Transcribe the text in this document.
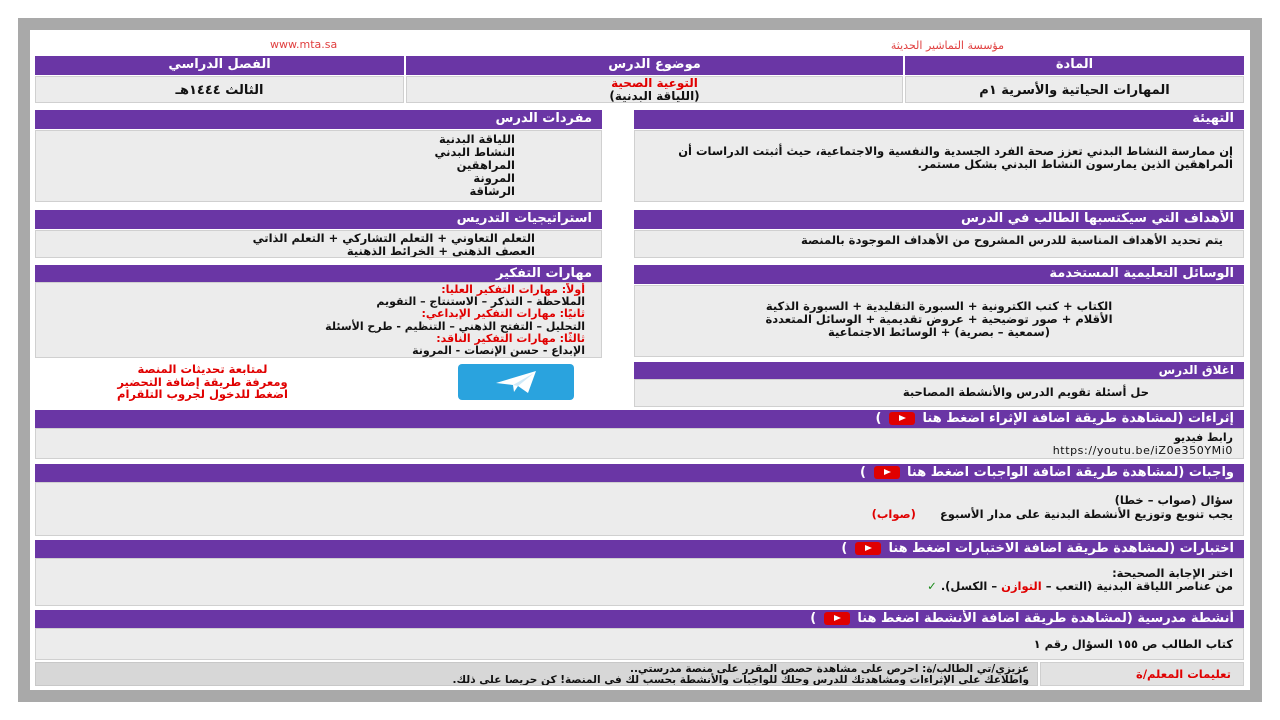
www.mta.sa	مؤسسة التماشير الحديثة
المادة
موضوع الدرس
الفصل الدراسي
المهارات الحياتية والأسرية ١م
التوعية الصحية
(اللياقة البدنية)
الثالث ١٤٤٤هـ
التهيئة
إن ممارسة النشاط البدني تعزز صحة الفرد الجسدية والنفسية والاجتماعية، حيث أثبتت الدراسات أن المراهقين الذين يمارسون النشاط البدني بشكل مستمر.
مفردات الدرس
اللياقة البدنية
النشاط البدني
المراهقين
المرونة
الرشاقة
الأهداف التي سيكتسبها الطالب في الدرس
يتم تحديد الأهداف المناسبة للدرس المشروح من الأهداف الموجودة بالمنصة
استراتيجيات التدريس
التعلم التعاوني + التعلم التشاركي + التعلم الذاتي
العصف الذهني + الخرائط الذهنية
الوسائل التعليمية المستخدمة
الكتاب + كتب الكترونية + السبورة التقليدية + السبورة الذكية
الأقلام + صور توضيحية + عروض تقديمية + الوسائل المتعددة
(سمعية – بصرية) + الوسائط الاجتماعية
مهارات التفكير
أولاً: مهارات التفكير العليا:
الملاحظة – التذكر – الاستنتاج – التقويم
ثانيًا: مهارات التفكير الإبداعي:
التحليل – التفتح الذهني – التنظيم - طرح الأسئلة
ثالثًا: مهارات التفكير الناقد:
الإبداع - حسن الإنصات - المرونة
لمتابعة تحديثات المنصة
ومعرفة طريقة إضافة التحضير
اضغط للدخول لجروب التلقرام
اغلاق الدرس
حل أسئلة تقويم الدرس والأنشطة المصاحبة
إثراءات (لمشاهدة طريقة اضافة الإثراء اضغط هنا  )
رابط فيديو
https://youtu.be/iZ0e350YMi0
واجبات (لمشاهدة طريقة اضافة الواجبات اضغط هنا  )
سؤال (صواب – خطا)
يجب تنويع وتوزيع الأنشطة البدنية على مدار الأسبوع      (صواب)
اختبارات (لمشاهدة طريقة اضافة الاختبارات اضغط هنا  )
اختر الإجابة الصحيحة:
من عناصر اللياقة البدنية (التعب – التوازن – الكسل). ✓
أنشطة مدرسية (لمشاهدة طريقة اضافة الأنشطة اضغط هنا  )
كتاب الطالب ص ١٥٥ السؤال رقم ١
تعليمات المعلم/ة
عزيزي/تي الطالب/ة: احرص على مشاهدة حصص المقرر على منصة مدرستي..
واطلاعك على الإثراءات ومشاهدتك للدرس وحلك للواجبات والأنشطة بحسب لك في المنصة! كن حريصا على ذلك.
